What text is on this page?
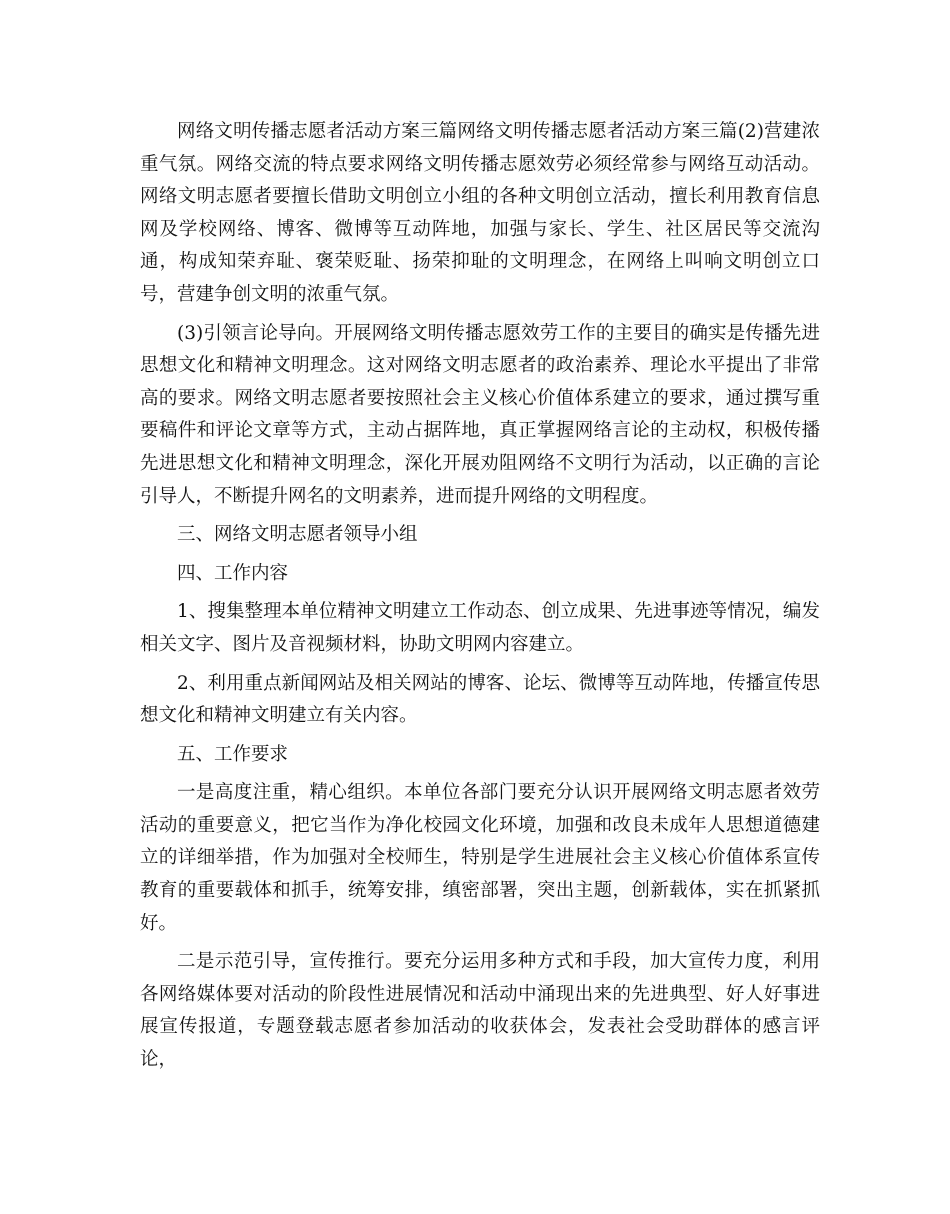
网络文明传播志愿者活动方案三篇网络文明传播志愿者活动方案三篇(2)营建浓重气氛。网络交流的特点要求网络文明传播志愿效劳必须经常参与网络互动活动。网络文明志愿者要擅长借助文明创立小组的各种文明创立活动，擅长利用教育信息网及学校网络、博客、微博等互动阵地，加强与家长、学生、社区居民等交流沟通，构成知荣弃耻、褒荣贬耻、扬荣抑耻的文明理念，在网络上叫响文明创立口号，营建争创文明的浓重气氛。

(3)引领言论导向。开展网络文明传播志愿效劳工作的主要目的确实是传播先进思想文化和精神文明理念。这对网络文明志愿者的政治素养、理论水平提出了非常高的要求。网络文明志愿者要按照社会主义核心价值体系建立的要求，通过撰写重要稿件和评论文章等方式，主动占据阵地，真正掌握网络言论的主动权，积极传播先进思想文化和精神文明理念，深化开展劝阻网络不文明行为活动，以正确的言论引导人，不断提升网名的文明素养，进而提升网络的文明程度。

三、网络文明志愿者领导小组

四、工作内容

1、搜集整理本单位精神文明建立工作动态、创立成果、先进事迹等情况，编发相关文字、图片及音视频材料，协助文明网内容建立。

2、利用重点新闻网站及相关网站的博客、论坛、微博等互动阵地，传播宣传思想文化和精神文明建立有关内容。

五、工作要求

一是高度注重，精心组织。本单位各部门要充分认识开展网络文明志愿者效劳活动的重要意义，把它当作为净化校园文化环境，加强和改良未成年人思想道德建立的详细举措，作为加强对全校师生，特别是学生进展社会主义核心价值体系宣传教育的重要载体和抓手，统筹安排，缜密部署，突出主题，创新载体，实在抓紧抓好。

二是示范引导，宣传推行。要充分运用多种方式和手段，加大宣传力度，利用各网络媒体要对活动的阶段性进展情况和活动中涌现出来的先进典型、好人好事进展宣传报道，专题登载志愿者参加活动的收获体会，发表社会受助群体的感言评论，
